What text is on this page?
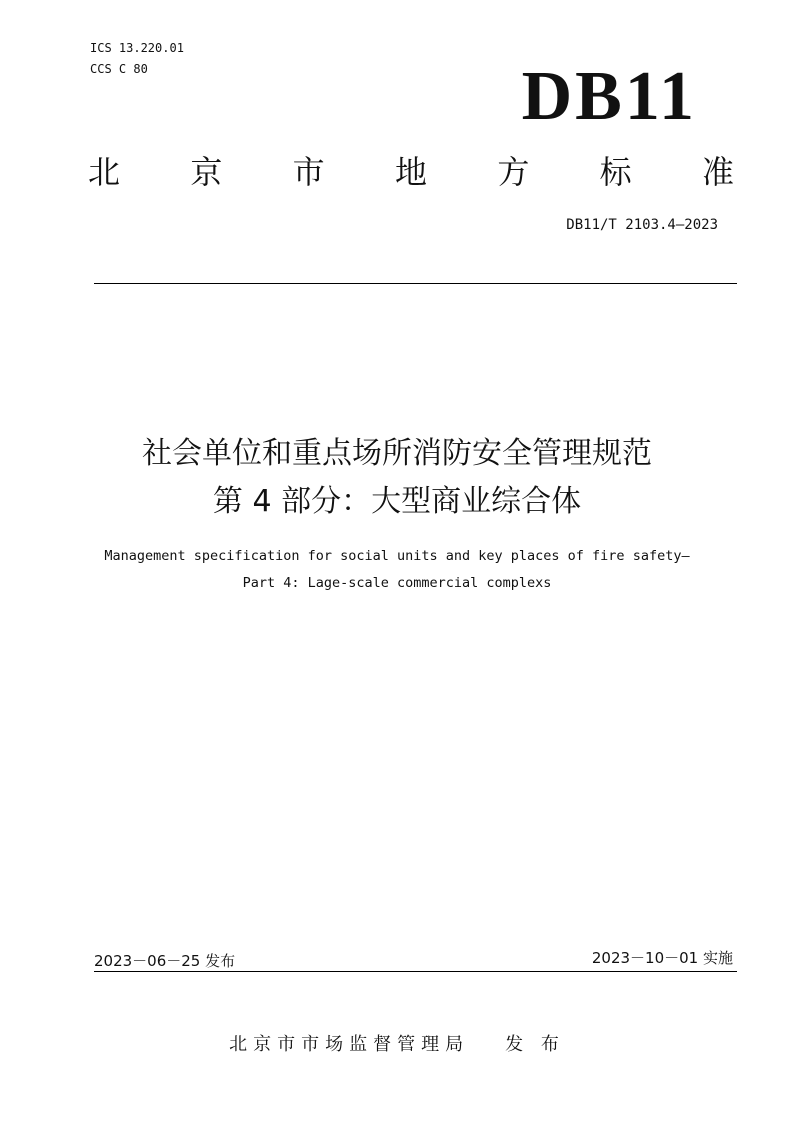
ICS 13.220.01
CCS C 80	DB11
北 京 市 地 方 标 准
DB11/T 2103.4—2023
社会单位和重点场所消防安全管理规范
第 4 部分：大型商业综合体
Management specification for social units and key places of fire safety—
Part 4: Lage-scale commercial complexs
2023－06－25 发布	2023－10－01 实施
北京市市场监督管理局 发 布
